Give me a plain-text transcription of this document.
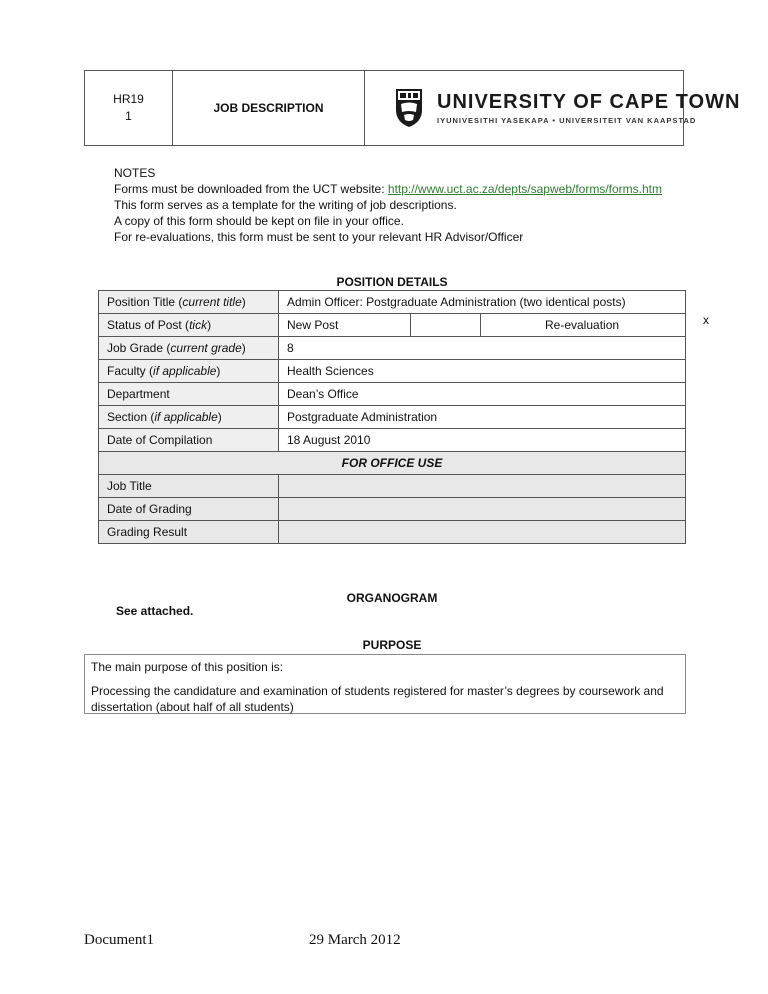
HR19
1
JOB DESCRIPTION	UNIVERSITY OF CAPE TOWN
IYUNIVESITHI YASEKAPA • UNIVERSITEIT VAN KAAPSTAD
NOTES
Forms must be downloaded from the UCT website: http://www.uct.ac.za/depts/sapweb/forms/forms.htm
This form serves as a template for the writing of job descriptions.
A copy of this form should be kept on file in your office.
For re-evaluations, this form must be sent to your relevant HR Advisor/Officer
POSITION DETAILS
Position Title (current title)	Admin Officer: Postgraduate Administration (two identical posts)		
Status of Post (tick)	New Post		Re-evaluation
Job Grade (current grade)	8		
Faculty (if applicable)	Health Sciences		
Department	Dean’s Office		
Section (if applicable)	Postgraduate Administration		
Date of Compilation	18 August 2010		
FOR OFFICE USE			
Job Title			
Date of Grading			
Grading Result			
x
ORGANOGRAM
See attached.
PURPOSE
The main purpose of this position is:
Processing the candidature and examination of students registered for master’s degrees by coursework and dissertation (about half of all students)
Document1	29 March 2012
